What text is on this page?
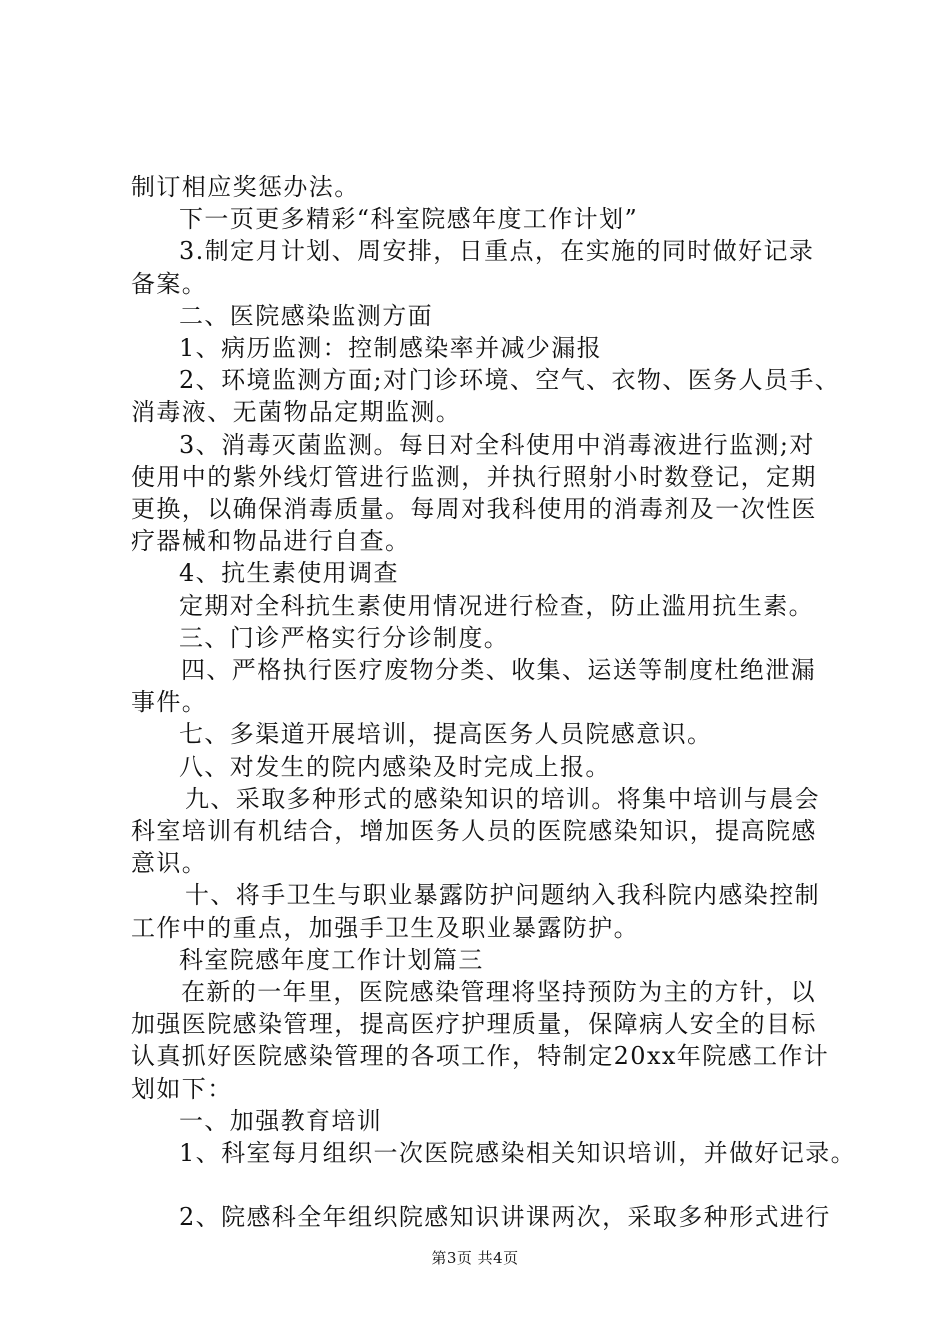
制订相应奖惩办法。

下一页更多精彩“科室院感年度工作计划”

3.制定月计划、周安排，日重点，在实施的同时做好记录

备案。

二、医院感染监测方面

1、病历监测：控制感染率并减少漏报

2、环境监测方面;对门诊环境、空气、衣物、医务人员手、

消毒液、无菌物品定期监测。

3、消毒灭菌监测。每日对全科使用中消毒液进行监测;对

使用中的紫外线灯管进行监测，并执行照射小时数登记，定期

更换，以确保消毒质量。每周对我科使用的消毒剂及一次性医

疗器械和物品进行自查。

4、抗生素使用调查

定期对全科抗生素使用情况进行检查，防止滥用抗生素。

三、门诊严格实行分诊制度。

四、严格执行医疗废物分类、收集、运送等制度杜绝泄漏

事件。

七、多渠道开展培训，提高医务人员院感意识。

八、对发生的院内感染及时完成上报。

九、采取多种形式的感染知识的培训。将集中培训与晨会

科室培训有机结合，增加医务人员的医院感染知识，提高院感

意识。

十、将手卫生与职业暴露防护问题纳入我科院内感染控制

工作中的重点，加强手卫生及职业暴露防护。

科室院感年度工作计划篇三

在新的一年里，医院感染管理将坚持预防为主的方针，以

加强医院感染管理，提高医疗护理质量，保障病人安全的目标

认真抓好医院感染管理的各项工作，特制定20xx年院感工作计

划如下：

一、加强教育培训

1、科室每月组织一次医院感染相关知识培训，并做好记录。

2、院感科全年组织院感知识讲课两次，采取多种形式进行

第3页 共4页
